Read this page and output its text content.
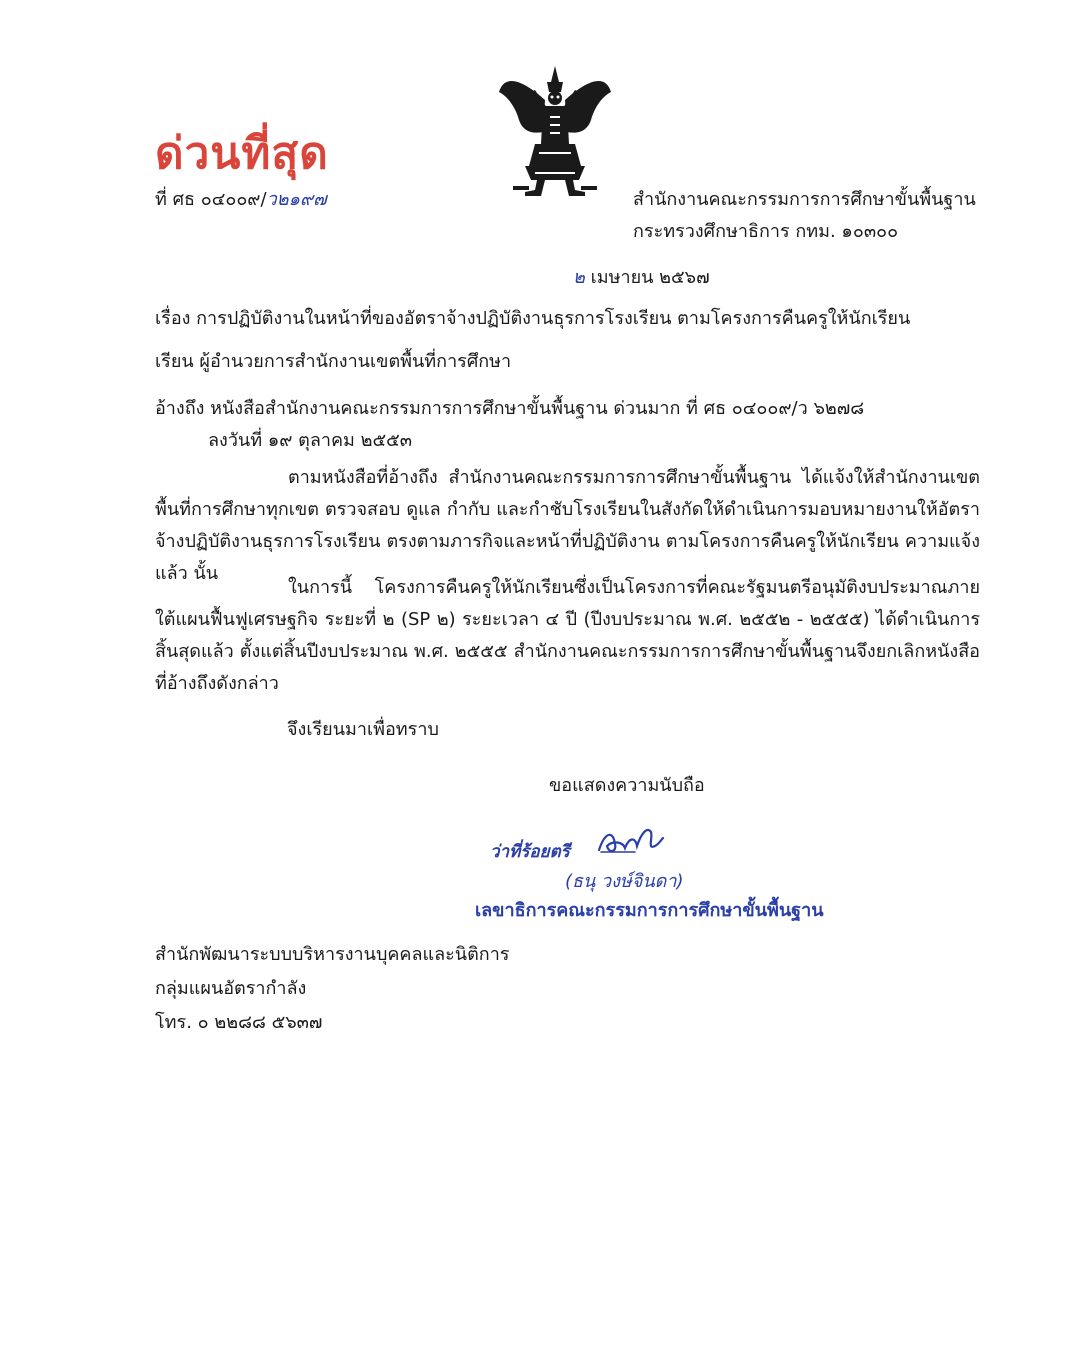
ด่วนที่สุด
ที่ ศธ ๐๔๐๐๙/ว๒๑๙๗	สำนักงานคณะกรรมการการศึกษาขั้นพื้นฐาน
กระทรวงศึกษาธิการ กทม. ๑๐๓๐๐
๒ เมษายน ๒๕๖๗
เรื่อง การปฏิบัติงานในหน้าที่ของอัตราจ้างปฏิบัติงานธุรการโรงเรียน ตามโครงการคืนครูให้นักเรียน
เรียน ผู้อำนวยการสำนักงานเขตพื้นที่การศึกษา
อ้างถึง หนังสือสำนักงานคณะกรรมการการศึกษาขั้นพื้นฐาน ด่วนมาก ที่ ศธ ๐๔๐๐๙/ว ๖๒๗๘
ลงวันที่ ๑๙ ตุลาคม ๒๕๕๓
ตามหนังสือที่อ้างถึง สำนักงานคณะกรรมการการศึกษาขั้นพื้นฐาน ได้แจ้งให้สำนักงานเขตพื้นที่การศึกษาทุกเขต ตรวจสอบ ดูแล กำกับ และกำชับโรงเรียนในสังกัดให้ดำเนินการมอบหมายงานให้อัตราจ้างปฏิบัติงานธุรการโรงเรียน ตรงตามภารกิจและหน้าที่ปฏิบัติงาน ตามโครงการคืนครูให้นักเรียน ความแจ้งแล้ว นั้น
ในการนี้ โครงการคืนครูให้นักเรียนซึ่งเป็นโครงการที่คณะรัฐมนตรีอนุมัติงบประมาณภายใต้แผนฟื้นฟูเศรษฐกิจ ระยะที่ ๒ (SP ๒) ระยะเวลา ๔ ปี (ปีงบประมาณ พ.ศ. ๒๕๕๒ - ๒๕๕๕) ได้ดำเนินการสิ้นสุดแล้ว ตั้งแต่สิ้นปีงบประมาณ พ.ศ. ๒๕๕๕ สำนักงานคณะกรรมการการศึกษาขั้นพื้นฐานจึงยกเลิกหนังสือที่อ้างถึงดังกล่าว
จึงเรียนมาเพื่อทราบ
ขอแสดงความนับถือ
ว่าที่ร้อยตรี
(ธนุ วงษ์จินดา)
เลขาธิการคณะกรรมการการศึกษาขั้นพื้นฐาน
สำนักพัฒนาระบบบริหารงานบุคคลและนิติการ
กลุ่มแผนอัตรากำลัง
โทร. ๐ ๒๒๘๘ ๕๖๓๗
